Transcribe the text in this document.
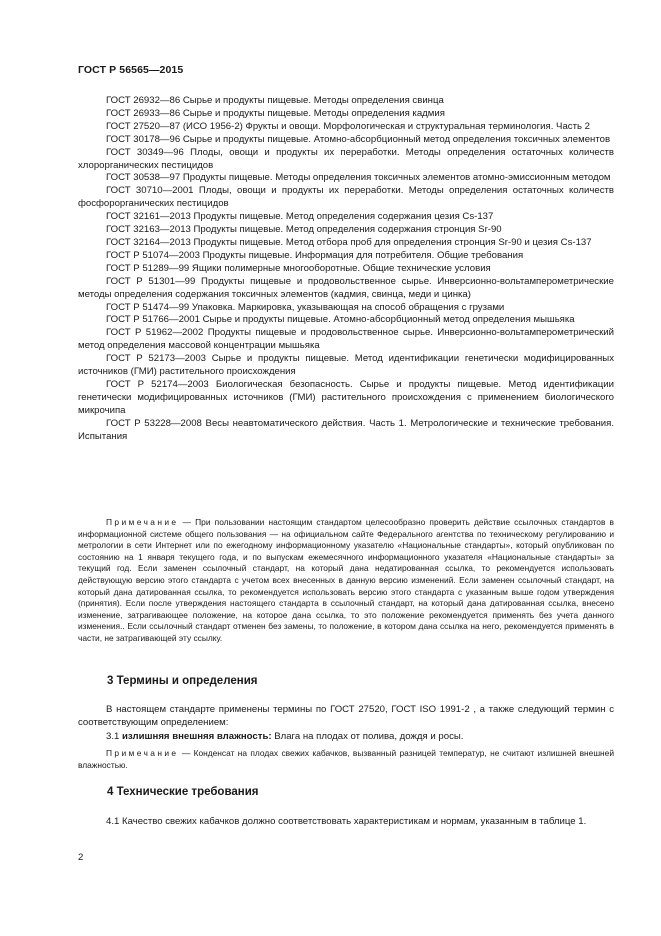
ГОСТ Р 56565—2015

ГОСТ 26932—86 Сырье и продукты пищевые. Методы определения свинца

ГОСТ 26933—86 Сырье и продукты пищевые. Методы определения кадмия

ГОСТ 27520—87 (ИСО 1956-2) Фрукты и овощи. Морфологическая и структуральная терминология. Часть 2

ГОСТ 30178—96 Сырье и продукты пищевые. Атомно-абсорбционный метод определения токсичных элементов

ГОСТ 30349—96 Плоды, овощи и продукты их переработки. Методы определения остаточных количеств хлорорганических пестицидов

ГОСТ 30538—97 Продукты пищевые. Методы определения токсичных элементов атомно-эмиссионным методом

ГОСТ 30710—2001 Плоды, овощи и продукты их переработки. Методы определения остаточных количеств фосфорорганических пестицидов

ГОСТ 32161—2013 Продукты пищевые. Метод определения содержания цезия Cs-137

ГОСТ 32163—2013 Продукты пищевые. Метод определения содержания стронция Sr-90

ГОСТ 32164—2013 Продукты пищевые. Метод отбора проб для определения стронция Sr-90 и цезия Cs-137

ГОСТ Р 51074—2003 Продукты пищевые. Информация для потребителя. Общие требования

ГОСТ Р 51289—99 Ящики полимерные многооборотные. Общие технические условия

ГОСТ Р 51301—99 Продукты пищевые и продовольственное сырье. Инверсионно-вольтамперометрические методы определения содержания токсичных элементов (кадмия, свинца, меди и цинка)

ГОСТ Р 51474—99 Упаковка. Маркировка, указывающая на способ обращения с грузами

ГОСТ Р 51766—2001 Сырье и продукты пищевые. Атомно-абсорбционный метод определения мышьяка

ГОСТ Р 51962—2002 Продукты пищевые и продовольственное сырье. Инверсионно-вольтамперометрический метод определения массовой концентрации мышьяка

ГОСТ Р 52173—2003 Сырье и продукты пищевые. Метод идентификации генетически модифицированных источников (ГМИ) растительного происхождения

ГОСТ Р 52174—2003 Биологическая безопасность. Сырье и продукты пищевые. Метод идентификации генетически модифицированных источников (ГМИ) растительного происхождения с применением биологического микрочипа

ГОСТ Р 53228—2008 Весы неавтоматического действия. Часть 1. Метрологические и технические требования. Испытания

Примечание — При пользовании настоящим стандартом целесообразно проверить действие ссылочных стандартов в информационной системе общего пользования — на официальном сайте Федерального агентства по техническому регулированию и метрологии в сети Интернет или по ежегодному информационному указателю «Национальные стандарты», который опубликован по состоянию на 1 января текущего года, и по выпускам ежемесячного информационного указателя «Национальные стандарты» за текущий год. Если заменен ссылочный стандарт, на который дана недатированная ссылка, то рекомендуется использовать действующую версию этого стандарта с учетом всех внесенных в данную версию изменений. Если заменен ссылочный стандарт, на который дана датированная ссылка, то рекомендуется использовать версию этого стандарта с указанным выше годом утверждения (принятия). Если после утверждения настоящего стандарта в ссылочный стандарт, на который дана датированная ссылка, внесено изменение, затрагивающее положение, на которое дана ссылка, то это положение рекомендуется применять без учета данного изменения.. Если ссылочный стандарт отменен без замены, то положение, в котором дана ссылка на него, рекомендуется применять в части, не затрагивающей эту ссылку.

3 Термины и определения

В настоящем стандарте применены термины по ГОСТ 27520, ГОСТ ISO 1991-2 , а также следующий термин с соответствующим определением:

3.1 излишняя внешняя влажность: Влага на плодах от полива, дождя и росы.

Примечание — Конденсат на плодах свежих кабачков, вызванный разницей температур, не считают излишней внешней влажностью.

4 Технические требования

4.1 Качество свежих кабачков должно соответствовать характеристикам и нормам, указанным в таблице 1.

2
